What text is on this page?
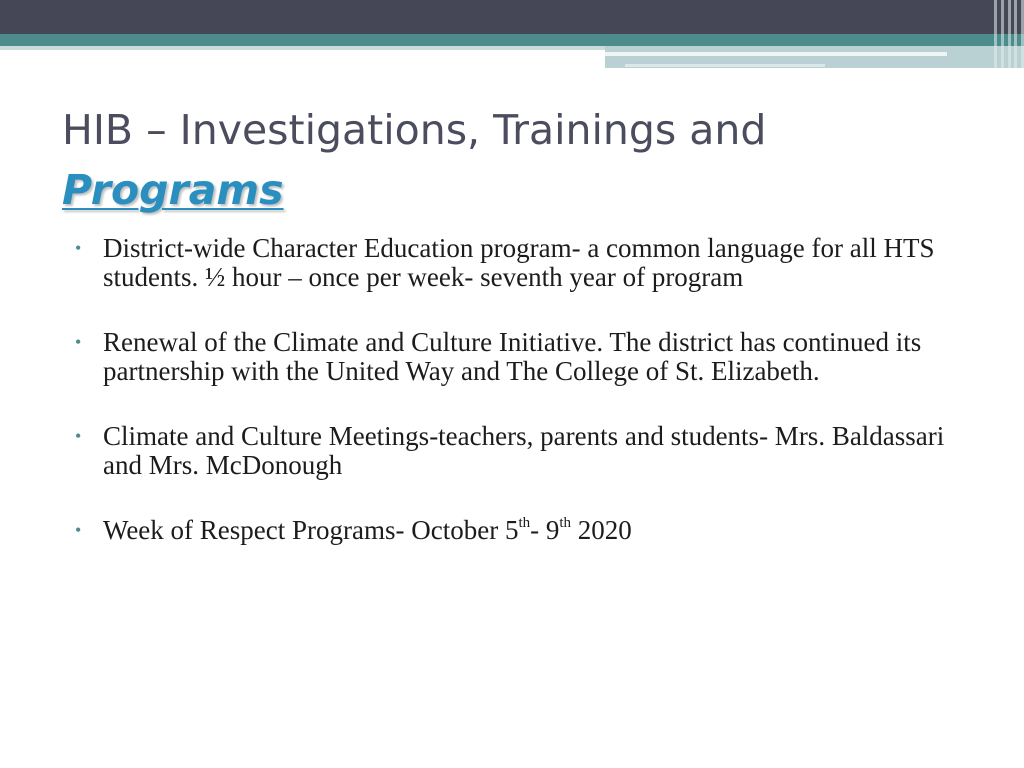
HIB – Investigations, Trainings and
Programs
• District-wide Character Education program- a common language for all HTS students. ½ hour – once per week- seventh year of program
• Renewal of the Climate and Culture Initiative. The district has continued its partnership with the United Way and The College of St. Elizabeth.
• Climate and Culture Meetings-teachers, parents and students- Mrs. Baldassari and Mrs. McDonough
• Week of Respect Programs- October 5th- 9th 2020
